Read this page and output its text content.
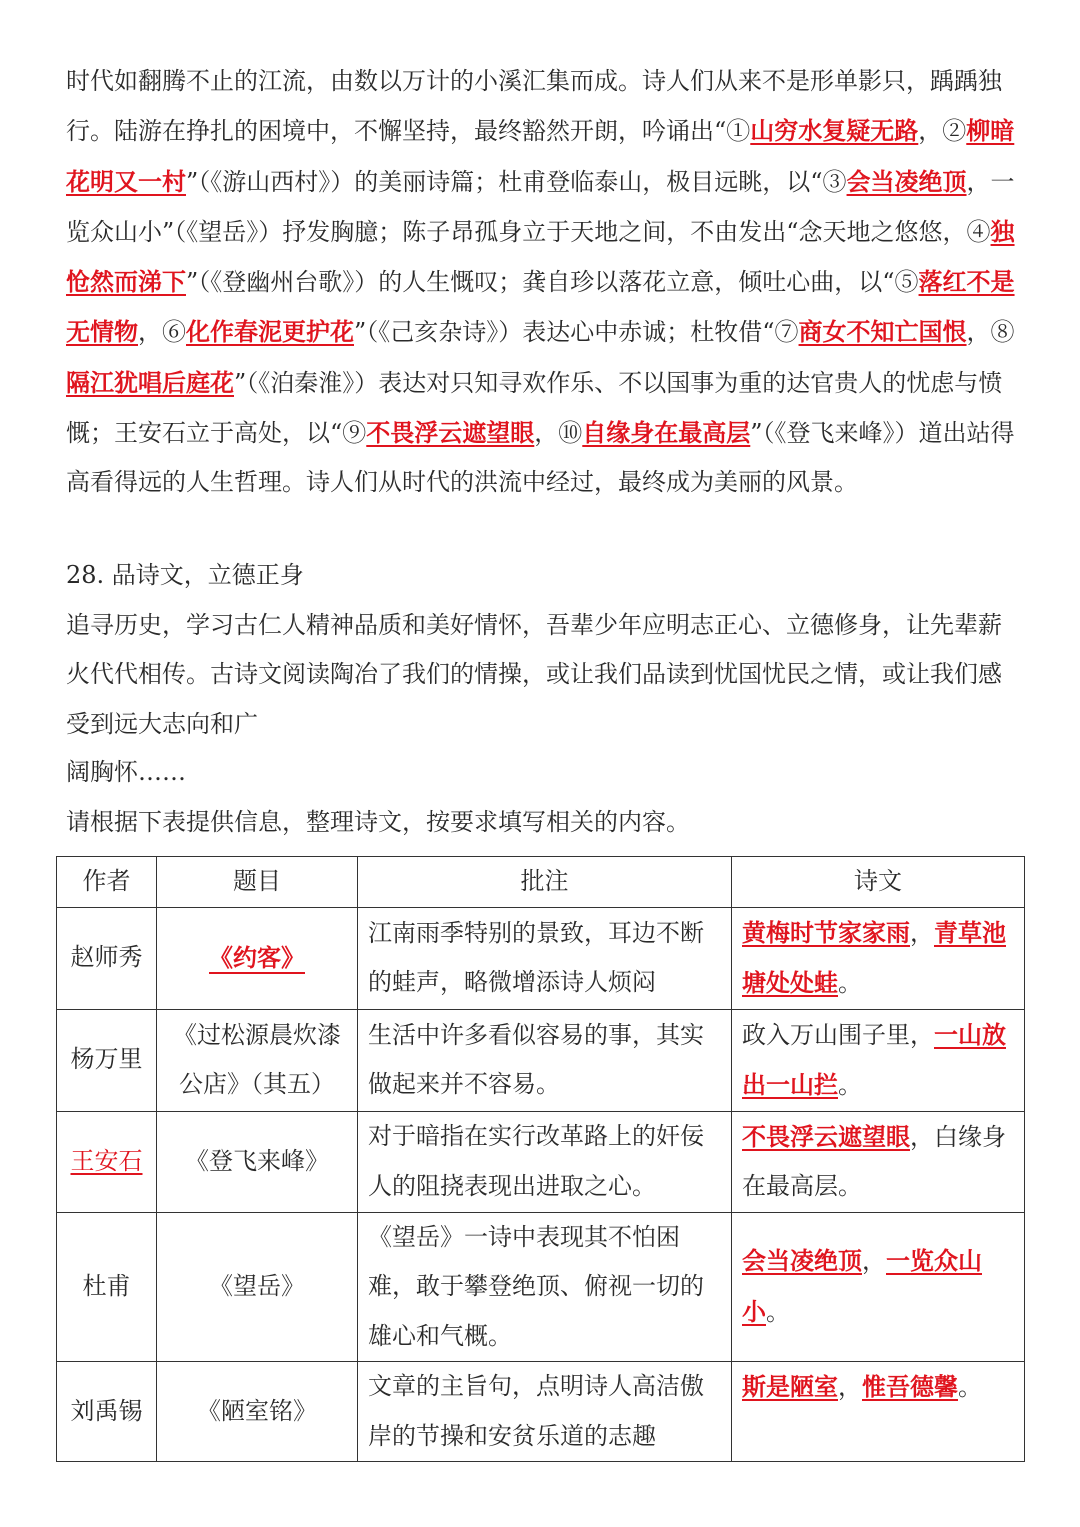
时代如翻腾不止的江流，由数以万计的小溪汇集而成。诗人们从来不是形单影只，踽踽独行。陆游在挣扎的困境中，不懈坚持，最终豁然开朗，吟诵出“①山穷水复疑无路，②柳暗花明又一村”（《游山西村》）的美丽诗篇；杜甫登临泰山，极目远眺，以“③会当凌绝顶，一览众山小”（《望岳》）抒发胸臆；陈子昂孤身立于天地之间，不由发出“念天地之悠悠，④独怆然而涕下”（《登幽州台歌》）的人生慨叹；龚自珍以落花立意，倾吐心曲，以“⑤落红不是无情物，⑥化作春泥更护花”（《己亥杂诗》）表达心中赤诚；杜牧借“⑦商女不知亡国恨，⑧隔江犹唱后庭花”（《泊秦淮》）表达对只知寻欢作乐、不以国事为重的达官贵人的忧虑与愤慨；王安石立于高处，以“⑨不畏浮云遮望眼，⑩自缘身在最高层”（《登飞来峰》）道出站得高看得远的人生哲理。诗人们从时代的洪流中经过，最终成为美丽的风景。

28. 品诗文，立德正身

追寻历史，学习古仁人精神品质和美好情怀，吾辈少年应明志正心、立德修身，让先辈薪火代代相传。古诗文阅读陶冶了我们的情操，或让我们品读到忧国忧民之情，或让我们感受到远大志向和广

阔胸怀……

请根据下表提供信息，整理诗文，按要求填写相关的内容。

作者	题目	批注	诗文
赵师秀	《约客》	江南雨季特别的景致，耳边不断的蛙声，略微增添诗人烦闷	黄梅时节家家雨，青草池塘处处蛙。
杨万里	《过松源晨炊漆公店》（其五）	生活中许多看似容易的事，其实做起来并不容易。	政入万山围子里，一山放出一山拦。
王安石	《登飞来峰》	对于暗指在实行改革路上的奸佞人的阻挠表现出进取之心。	不畏浮云遮望眼，白缘身在最高层。
杜甫	《望岳》	《望岳》一诗中表现其不怕困难，敢于攀登绝顶、俯视一切的雄心和气概。	会当凌绝顶，一览众山小。
刘禹锡	《陋室铭》	文章的主旨句，点明诗人高洁傲岸的节操和安贫乐道的志趣	斯是陋室，惟吾德馨。
